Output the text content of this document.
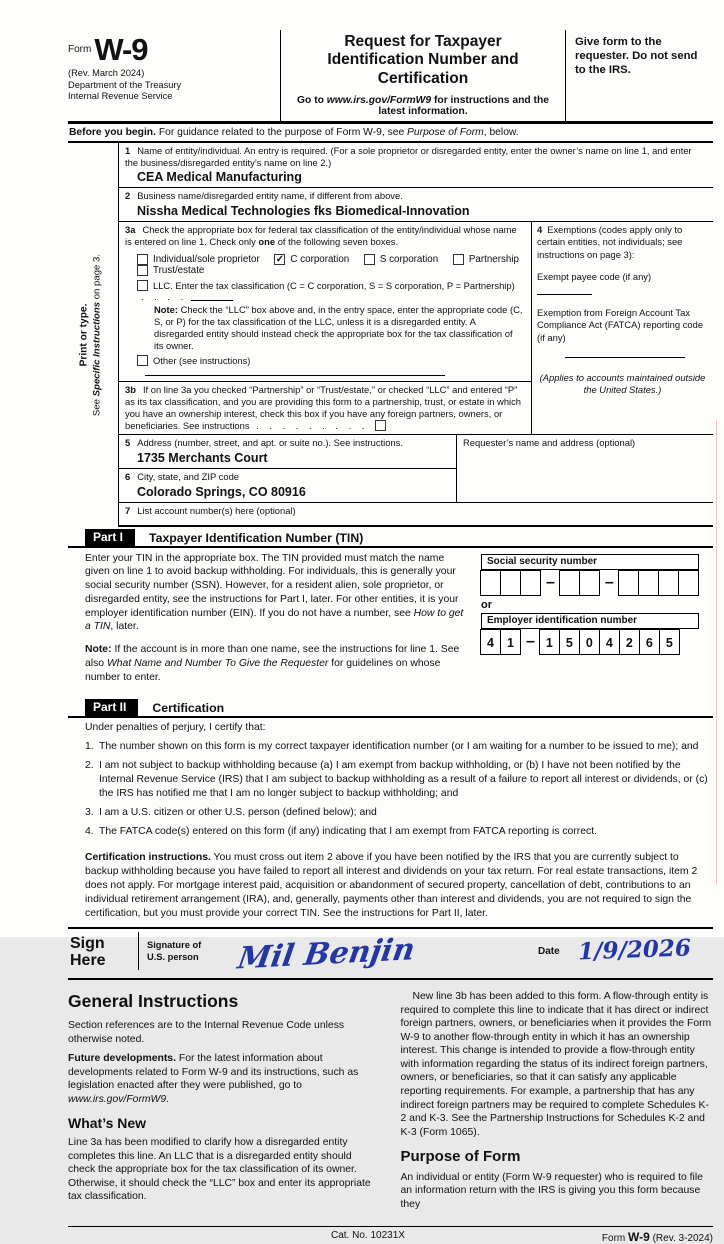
$^{Form}$W-9
(Rev. March 2024)
Department of the Treasury
Internal Revenue Service
Request for Taxpayer
Identification Number and Certification
Go to www.irs.gov/FormW9 for instructions and the latest information.
Give form to the requester. Do not send to the IRS.
Before you begin. For guidance related to the purpose of Form W-9, see Purpose of Form, below.
Print or type.
See Specific Instructions on page 3.
1 Name of entity/individual. An entry is required. (For a sole proprietor or disregarded entity, enter the owner’s name on line 1, and enter the business/disregarded entity’s name on line 2.)
CEA Medical Manufacturing
2 Business name/disregarded entity name, if different from above.
Nissha Medical Technologies fks Biomedical-Innovation
3a Check the appropriate box for federal tax classification of the entity/individual whose name is entered on line 1. Check only one of the following seven boxes.
Individual/sole proprietor ✓ C corporation	S corporation	Partnership
Trust/estate
LLC. Enter the tax classification (C = C corporation, S = S corporation, P = Partnership)
. . . .
Note: Check the “LLC” box above and, in the entry space, enter the appropriate code (C, S, or P) for the tax classification of the LLC, unless it is a disregarded entity. A disregarded entity should instead check the appropriate box for the tax classification of its owner.
Other (see instructions)
3b If on line 3a you checked “Partnership” or “Trust/estate,” or checked “LLC” and entered “P” as its tax classification, and you are providing this form to a partnership, trust, or estate in which you have an ownership interest, check this box if you have any foreign partners, owners, or beneficiaries. See instructions . . . . . . . . .
4 Exemptions (codes apply only to certain entities, not individuals; see instructions on page 3):
Exempt payee code (if any)
Exemption from Foreign Account Tax Compliance Act (FATCA) reporting code (if any)
(Applies to accounts maintained outside the United States.)
5 Address (number, street, and apt. or suite no.). See instructions.
1735 Merchants Court
6 City, state, and ZIP code
Colorado Springs, CO 80916
Requester’s name and address (optional)
7 List account number(s) here (optional)
Part I	Taxpayer Identification Number (TIN)

Enter your TIN in the appropriate box. The TIN provided must match the name given on line 1 to avoid backup withholding. For individuals, this is generally your social security number (SSN). However, for a resident alien, sole proprietor, or disregarded entity, see the instructions for Part I, later. For other entities, it is your employer identification number (EIN). If you do not have a number, see How to get a TIN, later.

Note: If the account is in more than one name, see the instructions for line 1. See also What Name and Number To Give the Requester for guidelines on whose number to enter.

Social security number
–	–
or
Employer identification number
4	1 – 1	5	0	4	2	6	5
Part II	Certification
Under penalties of perjury, I certify that:
1. The number shown on this form is my correct taxpayer identification number (or I am waiting for a number to be issued to me); and
2. I am not subject to backup withholding because (a) I am exempt from backup withholding, or (b) I have not been notified by the Internal Revenue Service (IRS) that I am subject to backup withholding as a result of a failure to report all interest or dividends, or (c) the IRS has notified me that I am no longer subject to backup withholding; and
3. I am a U.S. citizen or other U.S. person (defined below); and
4. The FATCA code(s) entered on this form (if any) indicating that I am exempt from FATCA reporting is correct.
Certification instructions. You must cross out item 2 above if you have been notified by the IRS that you are currently subject to backup withholding because you have failed to report all interest and dividends on your tax return. For real estate transactions, item 2 does not apply. For mortgage interest paid, acquisition or abandonment of secured property, cancellation of debt, contributions to an individual retirement arrangement (IRA), and, generally, payments other than interest and dividends, you are not required to sign the certification, but you must provide your correct TIN. See the instructions for Part II, later.
Sign
Here
Signature of
U.S. person	Mil Benjin	Date 1/9/2026
General Instructions

Section references are to the Internal Revenue Code unless otherwise noted.

Future developments. For the latest information about developments related to Form W-9 and its instructions, such as legislation enacted after they were published, go to www.irs.gov/FormW9.

What’s New

Line 3a has been modified to clarify how a disregarded entity completes this line. An LLC that is a disregarded entity should check the appropriate box for the tax classification of its owner. Otherwise, it should check the “LLC” box and enter its appropriate tax classification.

New line 3b has been added to this form. A flow-through entity is required to complete this line to indicate that it has direct or indirect foreign partners, owners, or beneficiaries when it provides the Form W-9 to another flow-through entity in which it has an ownership interest. This change is intended to provide a flow-through entity with information regarding the status of its indirect foreign partners, owners, or beneficiaries, so that it can satisfy any applicable reporting requirements. For example, a partnership that has any indirect foreign partners may be required to complete Schedules K-2 and K-3. See the Partnership Instructions for Schedules K-2 and K-3 (Form 1065).

Purpose of Form

An individual or entity (Form W-9 requester) who is required to file an information return with the IRS is giving you this form because they

Cat. No. 10231X	Form W-9 (Rev. 3-2024)
